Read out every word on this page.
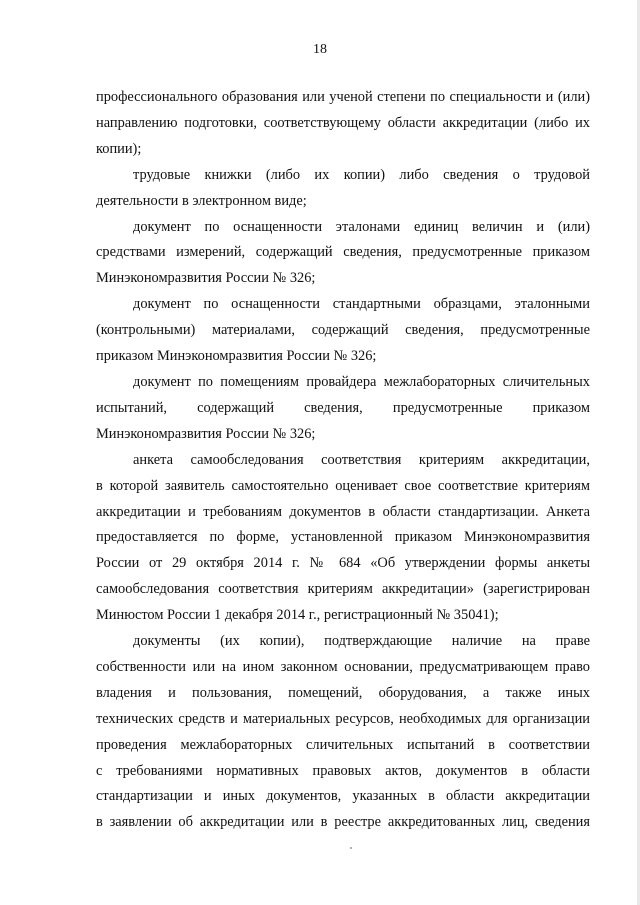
18

профессионального образования или ученой степени по специальности и (или)
направлению подготовки, соответствующему области аккредитации (либо их
копии);

трудовые книжки (либо их копии) либо сведения о трудовой
деятельности в электронном виде;

документ по оснащенности эталонами единиц величин и (или)
средствами измерений, содержащий сведения, предусмотренные приказом
Минэкономразвития России № 326;

документ по оснащенности стандартными образцами, эталонными
(контрольными) материалами, содержащий сведения, предусмотренные
приказом Минэкономразвития России № 326;

документ по помещениям провайдера межлабораторных сличительных
испытаний, содержащий сведения, предусмотренные приказом
Минэкономразвития России № 326;

анкета самообследования соответствия критериям аккредитации,
в которой заявитель самостоятельно оценивает свое соответствие критериям
аккредитации и требованиям документов в области стандартизации. Анкета
предоставляется по форме, установленной приказом Минэкономразвития
России от 29 октября 2014 г. № 684 «Об утверждении формы анкеты
самообследования соответствия критериям аккредитации» (зарегистрирован
Минюстом России 1 декабря 2014 г., регистрационный № 35041);

документы (их копии), подтверждающие наличие на праве
собственности или на ином законном основании, предусматривающем право
владения и пользования, помещений, оборудования, а также иных
технических средств и материальных ресурсов, необходимых для организации
проведения межлабораторных сличительных испытаний в соответствии
с требованиями нормативных правовых актов, документов в области
стандартизации и иных документов, указанных в области аккредитации
в заявлении об аккредитации или в реестре аккредитованных лиц, сведения
